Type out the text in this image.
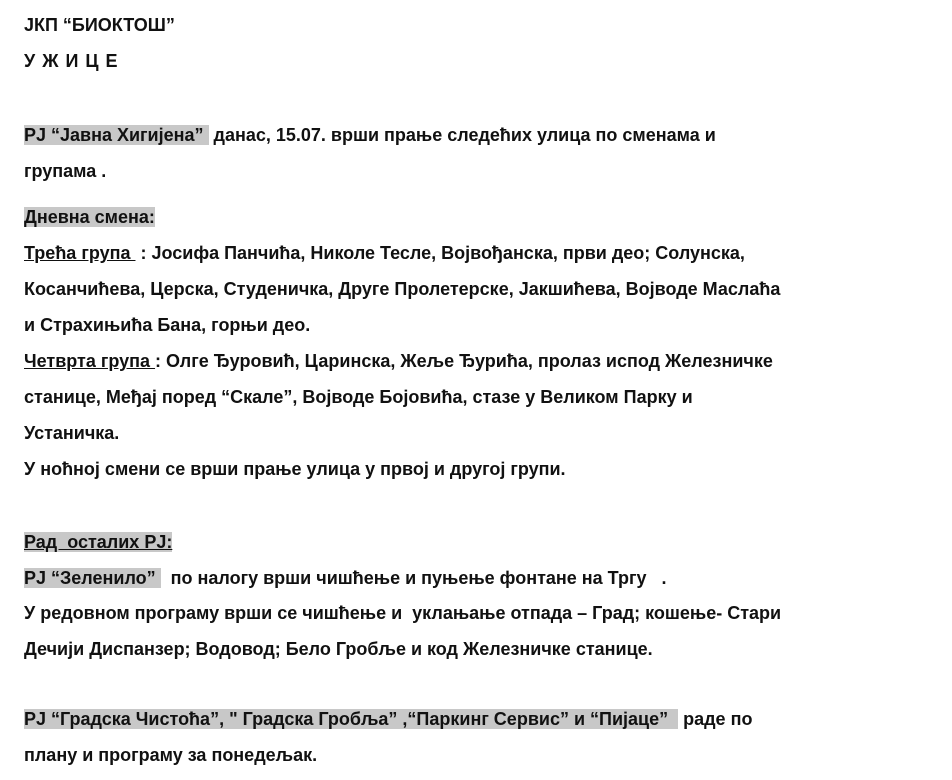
ЈКП “БИОКТОШ”
У Ж И Ц Е
РЈ “Јавна Хигијена”  данас, 15.07. врши прање следећих улица по сменама и
групама .
Дневна смена:
Трећа група  : Јосифа Панчића, Николе Тесле, Војвођанска, први део; Солунска,
Косанчићева, Церска, Студеничка, Друге Пролетерске, Јакшићева, Војводе Маслаћа
и Страхињића Бана, горњи део.
Четврта група : Олге Ђуровић, Царинска, Жеље Ђурића, пролаз испод Железничке
станице, Међај поред “Скале”, Војводе Бојовића, стазе у Великом Парку и
Устаничка.
У ноћној смени се врши прање улица у првој и другој групи.
Рад  осталих РЈ:
РЈ “Зеленило”   по налогу врши чишћење и пуњење фонтане на Тргу   .
У редовном програму врши се чишћење и  уклањање отпада – Град; кошење- Стари
Дечији Диспанзер; Водовод; Бело Гробље и код Железничке станице.
РЈ “Градска Чистоћа”, " Градска Гробља” ,“Паркинг Сервис” и “Пијаце”   раде по
плану и програму за понедељак.
